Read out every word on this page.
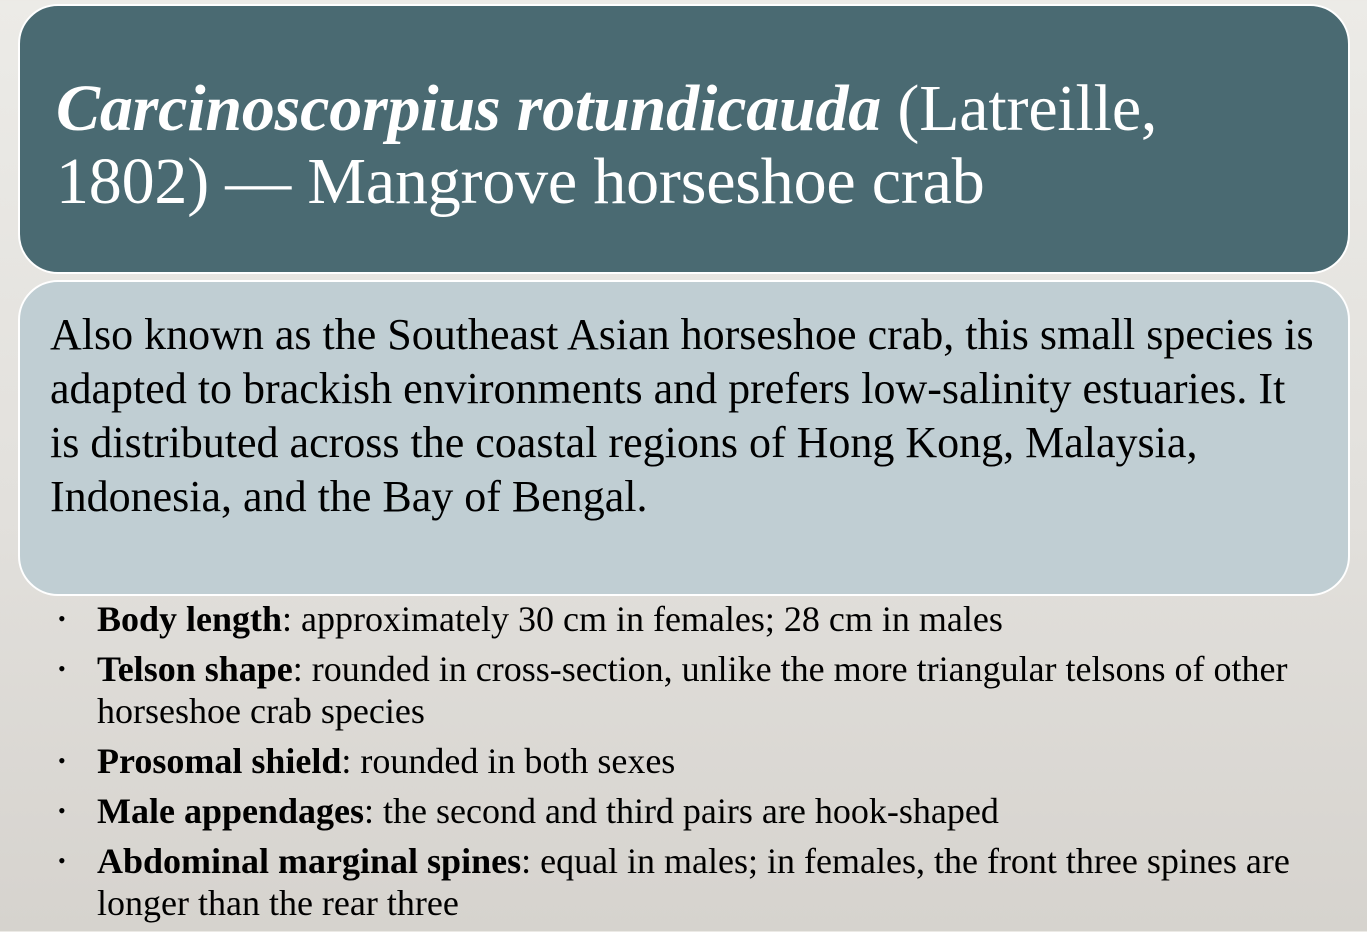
Carcinoscorpius rotundicauda (Latreille, 1802) — Mangrove horseshoe crab

Also known as the Southeast Asian horseshoe crab, this small species is adapted to brackish environments and prefers low-salinity estuaries. It is distributed across the coastal regions of Hong Kong, Malaysia, Indonesia, and the Bay of Bengal.

• Body length: approximately 30 cm in females; 28 cm in males
• Telson shape: rounded in cross-section, unlike the more triangular telsons of other horseshoe crab species
• Prosomal shield: rounded in both sexes
• Male appendages: the second and third pairs are hook-shaped
• Abdominal marginal spines: equal in males; in females, the front three spines are longer than the rear three
